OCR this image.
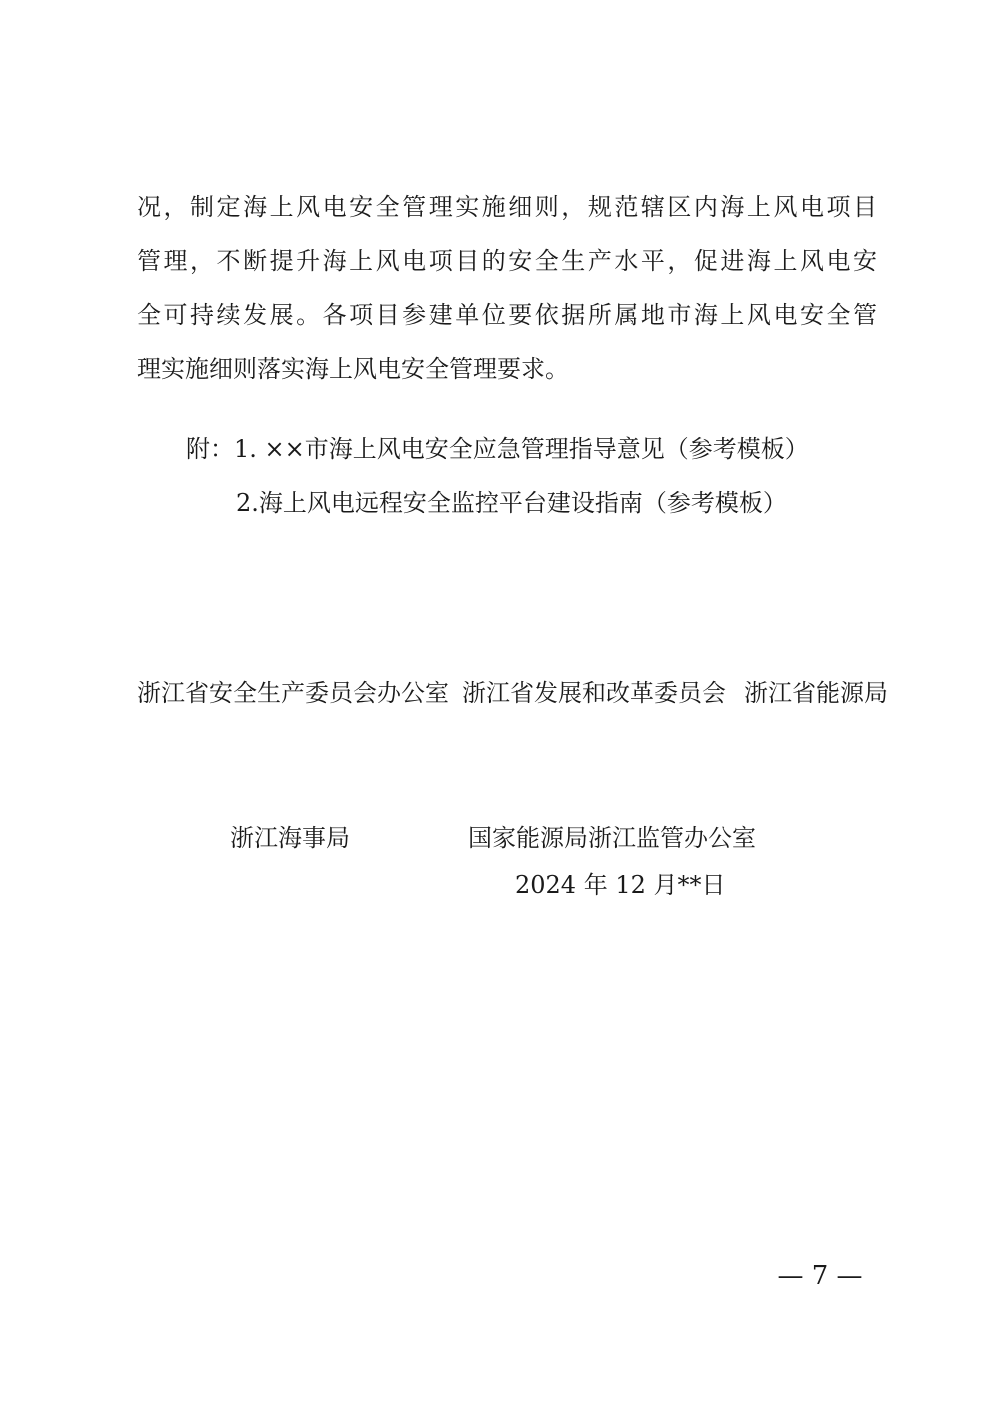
况，制定海上风电安全管理实施细则，规范辖区内海上风电项目
管理，不断提升海上风电项目的安全生产水平，促进海上风电安
全可持续发展。各项目参建单位要依据所属地市海上风电安全管
理实施细则落实海上风电安全管理要求。
附：1. ××市海上风电安全应急管理指导意见（参考模板）
2.海上风电远程安全监控平台建设指南（参考模板）
浙江省安全生产委员会办公室 浙江省发展和改革委员会 浙江省能源局
浙江海事局	国家能源局浙江监管办公室
2024 年 12 月**日
— 7 —
